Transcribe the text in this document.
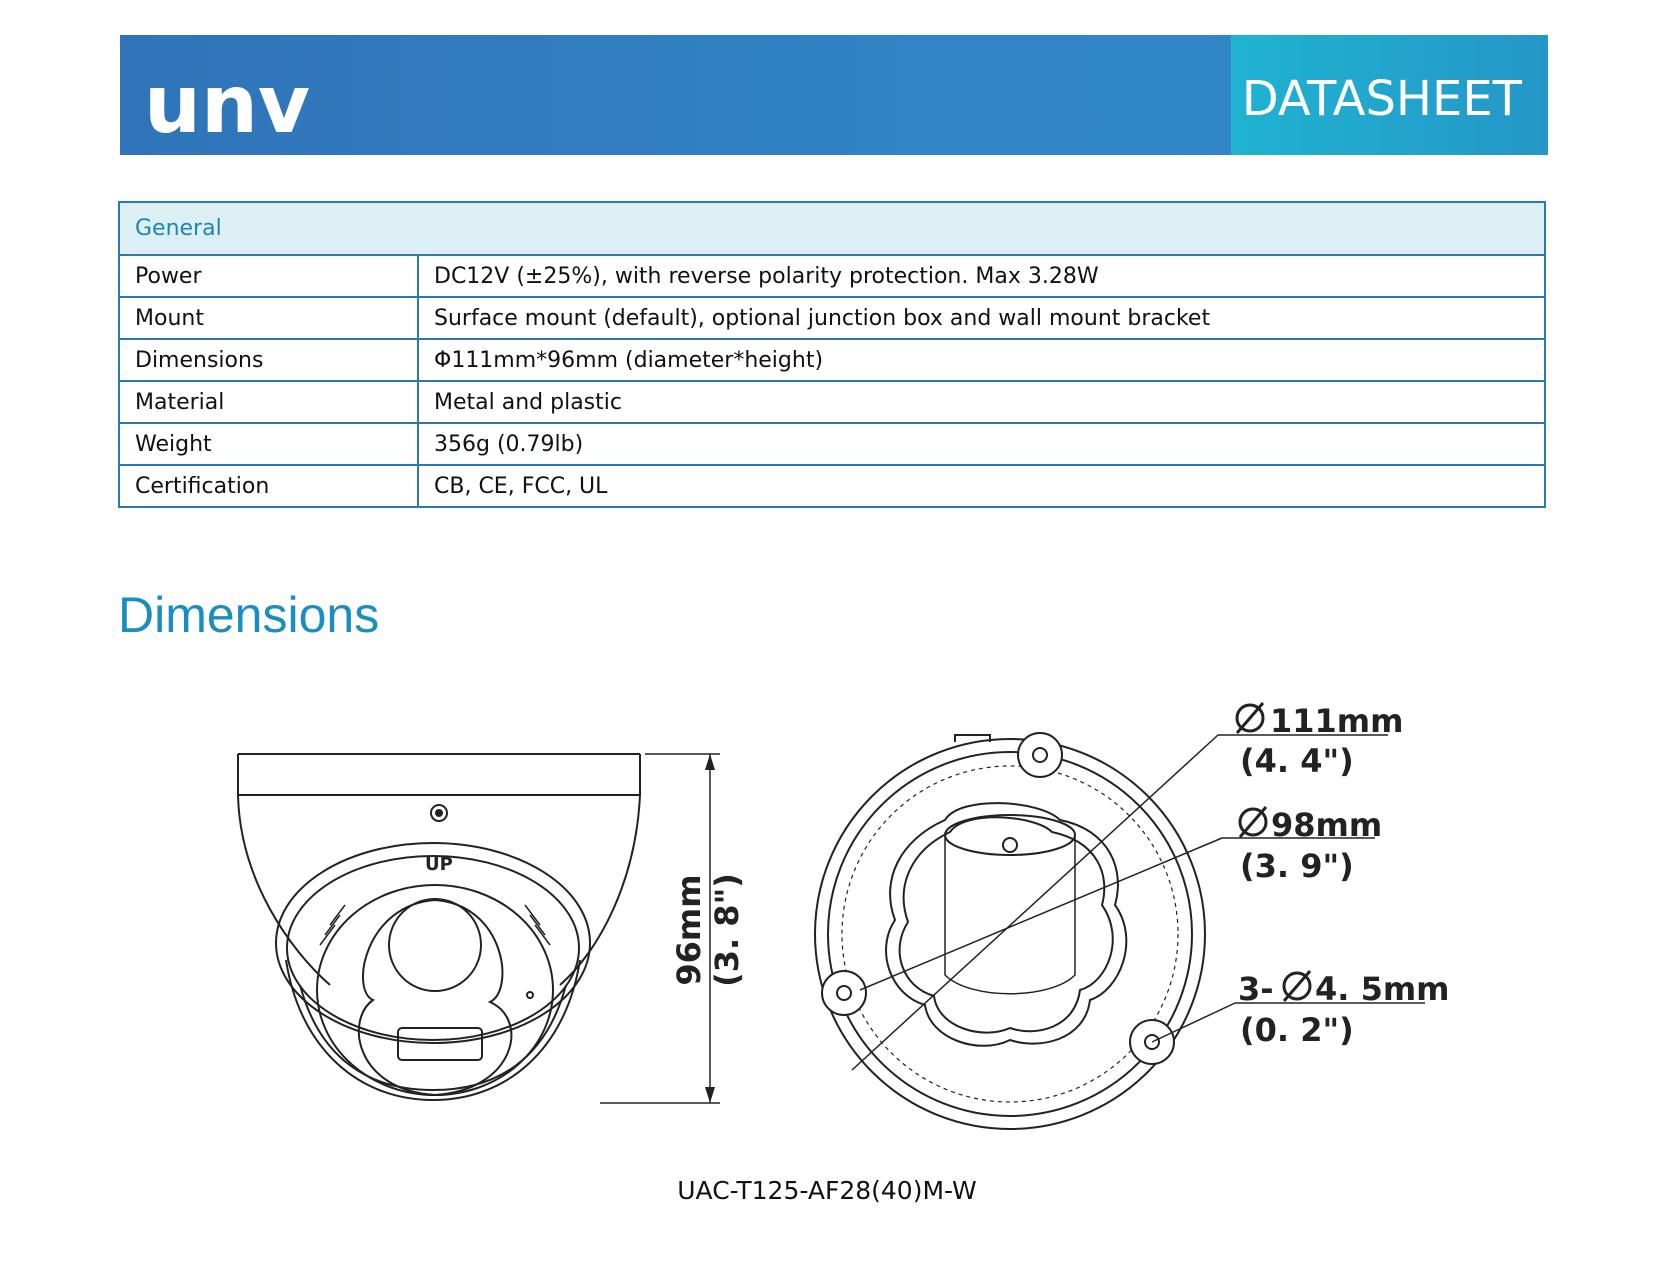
unv	DATASHEET
General	
Power	DC12V (±25%), with reverse polarity protection. Max 3.28W
Mount	Surface mount (default), optional junction box and wall mount bracket
Dimensions	Φ111mm*96mm (diameter*height)
Material	Metal and plastic
Weight	356g (0.79lb)
Certification	CB, CE, FCC, UL
Dimensions
UP
96mm (3. 8")
111mm
(4. 4")
98mm
(3. 9")
3- 4. 5mm
(0. 2")
UAC-T125-AF28(40)M-W
